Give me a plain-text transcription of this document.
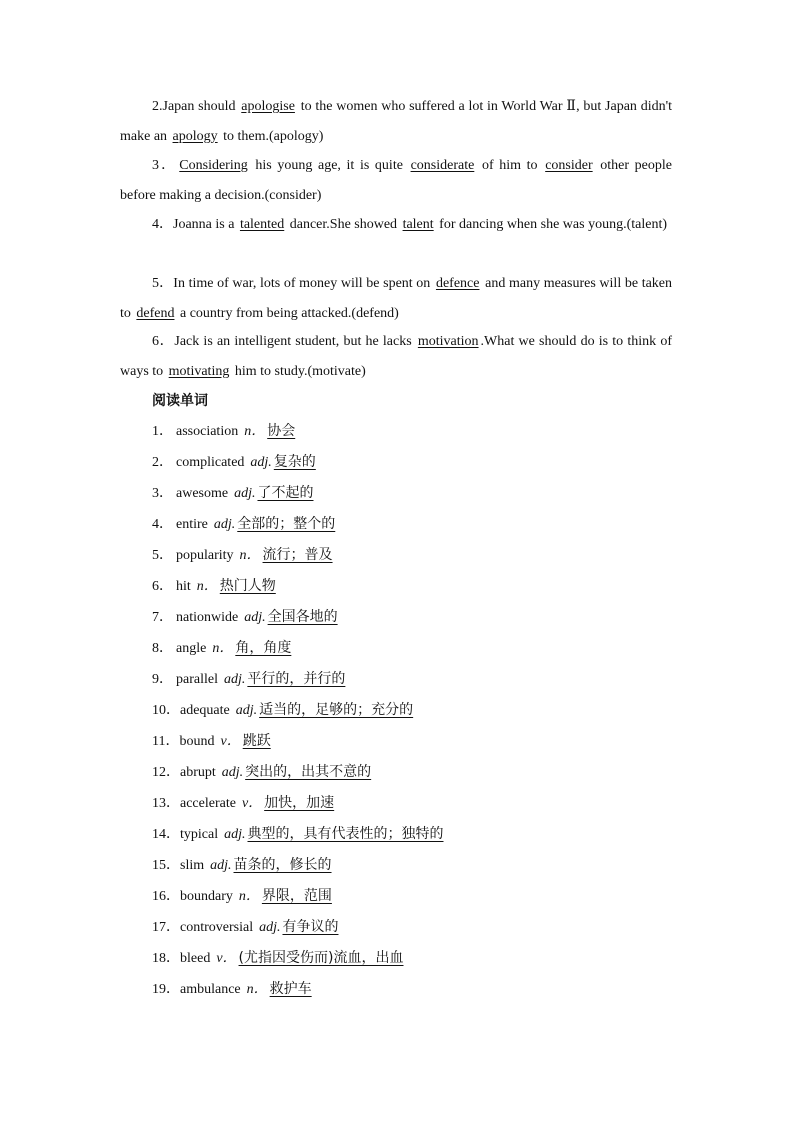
2.Japan should apologise to the women who suffered a lot in World War Ⅱ, but Japan didn't make an apology to them.(apology)
3． Considering his young age, it is quite considerate of him to consider other people before making a decision.(consider)
4．Joanna is a talented dancer.She showed talent for dancing when she was young.(talent)
5．In time of war, lots of money will be spent on defence and many measures will be taken to defend a country from being attacked.(defend)
6．Jack is an intelligent student, but he lacks motivation .What we should do is to think of ways to motivating him to study.(motivate)
阅读单词
1． association n． 协会
2． complicated adj. 复杂的
3． awesome adj. 了不起的
4． entire adj. 全部的；整个的
5． popularity n． 流行；普及
6． hit n． 热门人物
7． nationwide adj. 全国各地的
8． angle n． 角，角度
9． parallel adj. 平行的，并行的
10．adequate adj. 适当的，足够的；充分的
11．bound v． 跳跃
12．abrupt adj. 突出的，出其不意的
13．accelerate v． 加快，加速
14．typical adj. 典型的，具有代表性的；独特的
15．slim adj. 苗条的，修长的
16．boundary n． 界限，范围
17．controversial adj. 有争议的
18．bleed v． (尤指因受伤而)流血，出血
19．ambulance n． 救护车
